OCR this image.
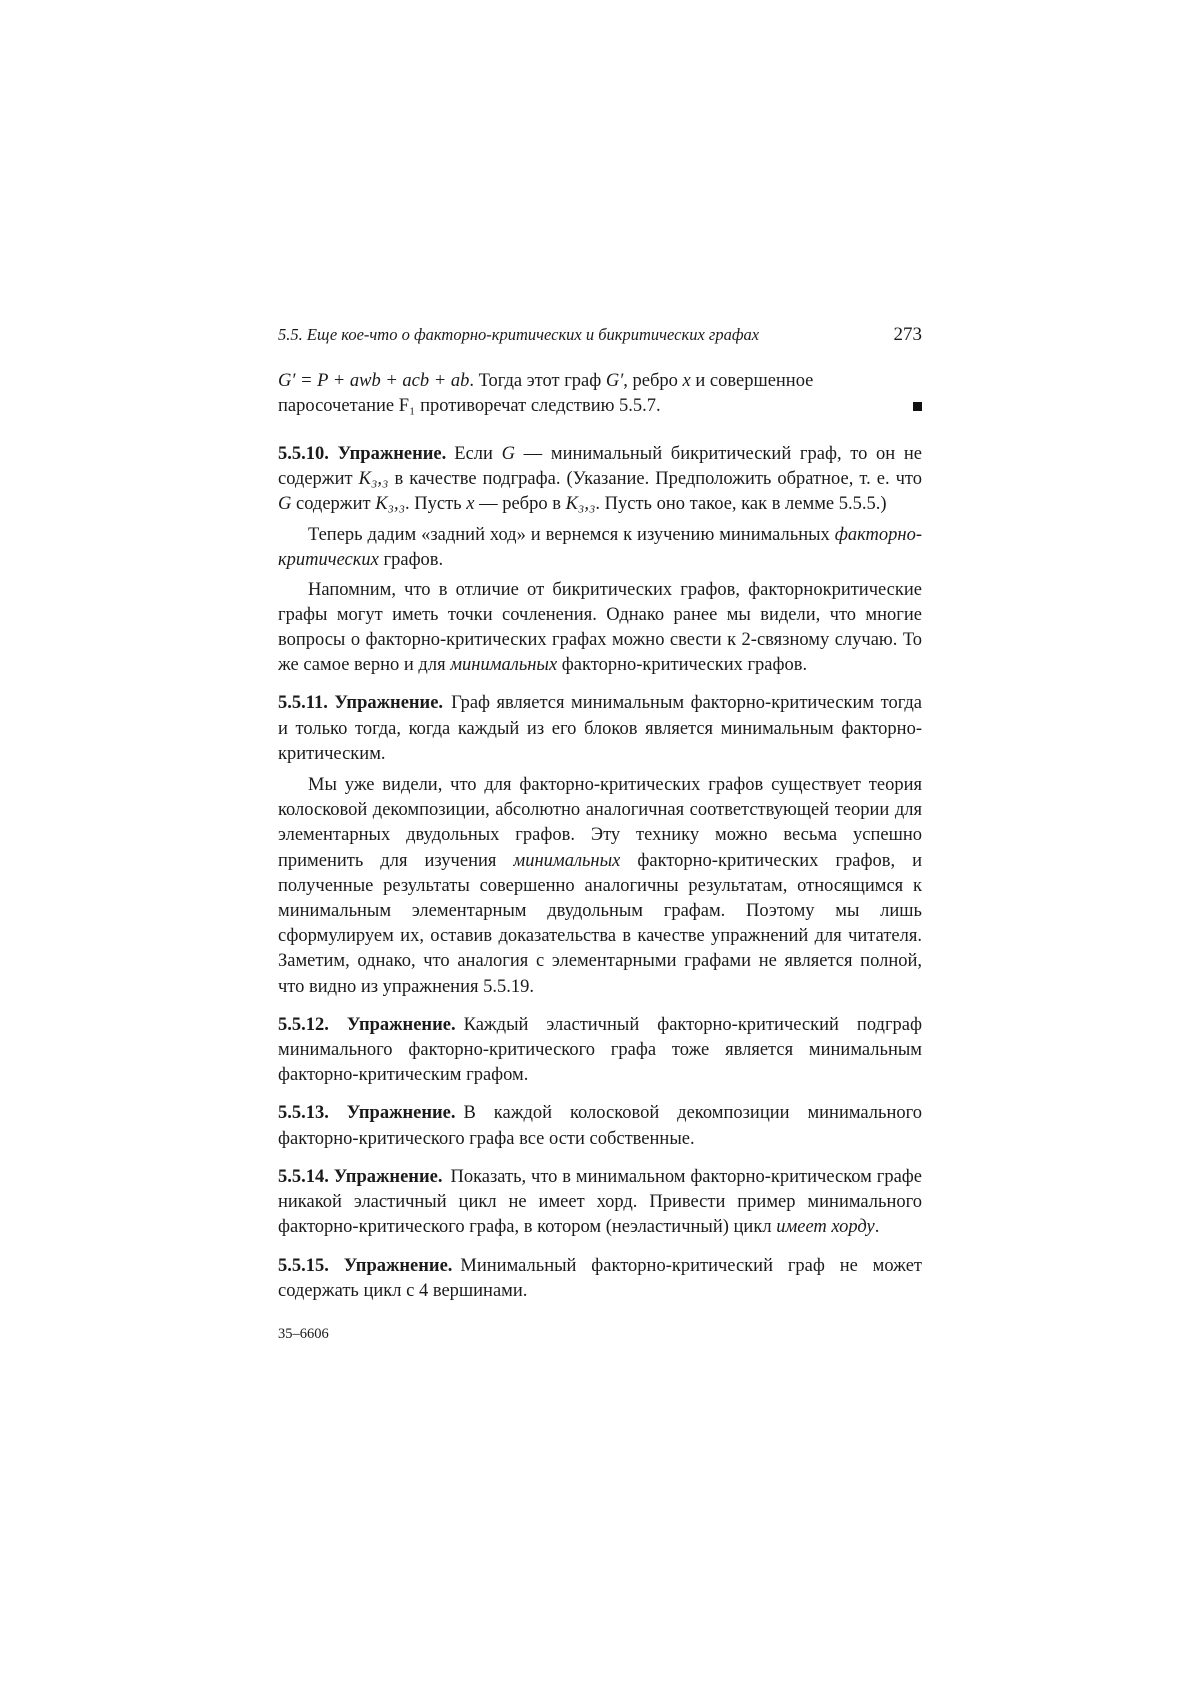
5.5. Еще кое-что о факторно-критических и бикритических графах	273

G′ = P + awb + acb + ab. Тогда этот граф G′, ребро x и совершенное

паросочетание F₁ противоречат следствию 5.5.7.

5.5.10. Упражнение. Если G — минимальный бикритический граф, то он не содержит K₃,₃ в качестве подграфа. (Указание. Предположить обратное, т. е. что G содержит K₃,₃. Пусть x — ребро в K₃,₃. Пусть оно такое, как в лемме 5.5.5.)

Теперь дадим «задний ход» и вернемся к изучению минимальных факторно-критических графов.

Напомним, что в отличие от бикритических графов, факторнокритические графы могут иметь точки сочленения. Однако ранее мы видели, что многие вопросы о факторно-критических графах можно свести к 2-связному случаю. То же самое верно и для минимальных факторно-критических графов.

5.5.11. Упражнение. Граф является минимальным факторно-критическим тогда и только тогда, когда каждый из его блоков является минимальным факторно-критическим.

Мы уже видели, что для факторно-критических графов существует теория колосковой декомпозиции, абсолютно аналогичная соответствующей теории для элементарных двудольных графов. Эту технику можно весьма успешно применить для изучения минимальных факторно-критических графов, и полученные результаты совершенно аналогичны результатам, относящимся к минимальным элементарным двудольным графам. Поэтому мы лишь сформулируем их, оставив доказательства в качестве упражнений для читателя. Заметим, однако, что аналогия с элементарными графами не является полной, что видно из упражнения 5.5.19.

5.5.12. Упражнение. Каждый эластичный факторно-критический подграф минимального факторно-критического графа тоже является минимальным факторно-критическим графом.

5.5.13. Упражнение. В каждой колосковой декомпозиции минимального факторно-критического графа все ости собственные.

5.5.14. Упражнение. Показать, что в минимальном факторно-критическом графе никакой эластичный цикл не имеет хорд. Привести пример минимального факторно-критического графа, в котором (неэластичный) цикл имеет хорду.

5.5.15. Упражнение. Минимальный факторно-критический граф не может содержать цикл с 4 вершинами.

35–6606
